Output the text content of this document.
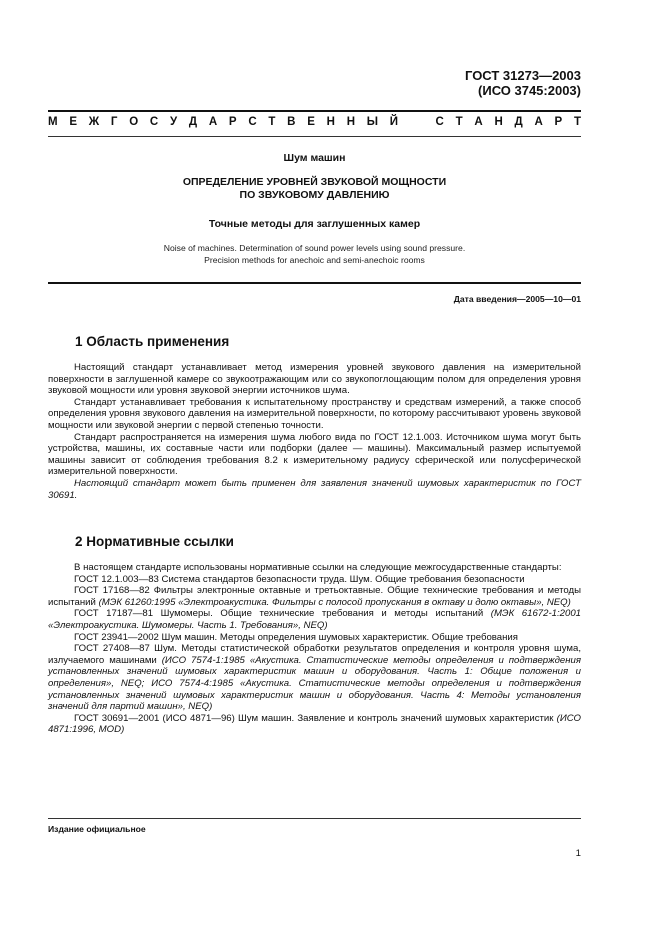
ГОСТ 31273—2003
(ИСО 3745:2003)
М Е Ж Г О С У Д А Р С Т В Е Н Н Ы Й	С Т А Н Д А Р Т
Шум машин
ОПРЕДЕЛЕНИЕ УРОВНЕЙ ЗВУКОВОЙ МОЩНОСТИ
ПО ЗВУКОВОМУ ДАВЛЕНИЮ
Точные методы для заглушенных камер
Noise of machines. Determination of sound power levels using sound pressure.
Precision methods for anechoic and semi-anechoic rooms
Дата введения—2005—10—01
1 Область применения

Настоящий стандарт устанавливает метод измерения уровней звукового давления на измерительной поверхности в заглушенной камере со звукоотражающим или со звукопоглощающим полом для определения уровня звуковой мощности или уровня звуковой энергии источников шума.

Стандарт устанавливает требования к испытательному пространству и средствам измерений, а также способ определения уровня звукового давления на измерительной поверхности, по которому рассчитывают уровень звуковой мощности или звуковой энергии с первой степенью точности.

Стандарт распространяется на измерения шума любого вида по ГОСТ 12.1.003. Источником шума могут быть устройства, машины, их составные части или подборки (далее — машины). Максимальный размер испытуемой машины зависит от соблюдения требования 8.2 к измерительному радиусу сферической или полусферической измерительной поверхности.

Настоящий стандарт может быть применен для заявления значений шумовых характеристик по ГОСТ 30691.

2 Нормативные ссылки

В настоящем стандарте использованы нормативные ссылки на следующие межгосударственные стандарты:

ГОСТ 12.1.003—83 Система стандартов безопасности труда. Шум. Общие требования безопасности

ГОСТ 17168—82 Фильтры электронные октавные и третьоктавные. Общие технические требования и методы испытаний (МЭК 61260:1995 «Электроакустика. Фильтры с полосой пропускания в октаву и долю октавы», NEQ)

ГОСТ 17187—81 Шумомеры. Общие технические требования и методы испытаний (МЭК 61672-1:2001 «Электроакустика. Шумомеры. Часть 1. Требования», NEQ)

ГОСТ 23941—2002 Шум машин. Методы определения шумовых характеристик. Общие требования

ГОСТ 27408—87 Шум. Методы статистической обработки результатов определения и контроля уровня шума, излучаемого машинами (ИСО 7574-1:1985 «Акустика. Статистические методы определения и подтверждения установленных значений шумовых характеристик машин и оборудования. Часть 1: Общие положения и определения», NEQ; ИСО 7574-4:1985 «Акустика. Статистические методы определения и подтверждения установленных значений шумовых характеристик машин и оборудования. Часть 4: Методы установления значений для партий машин», NEQ)

ГОСТ 30691—2001 (ИСО 4871—96) Шум машин. Заявление и контроль значений шумовых характеристик (ИСО 4871:1996, MOD)

Издание официальное
1
